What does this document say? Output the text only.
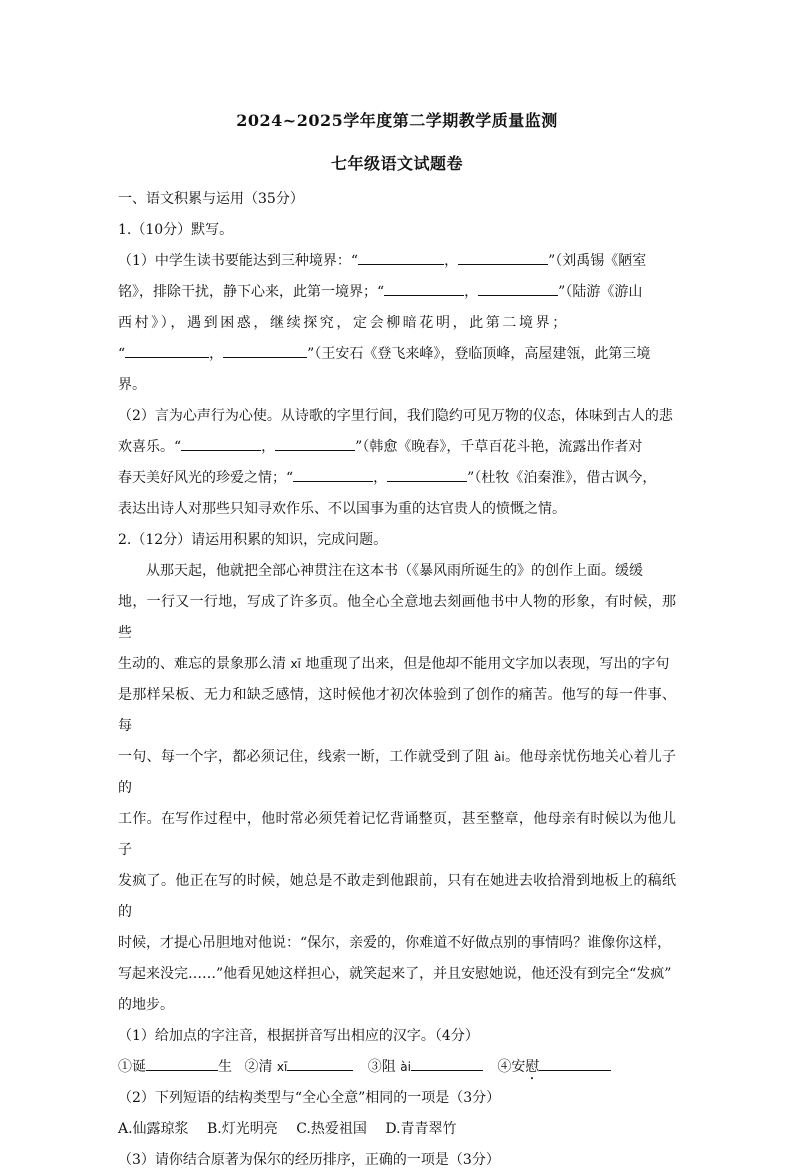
2024~2025学年度第二学期教学质量监测
七年级语文试题卷
一、语文积累与运用（35分）
1.（10分）默写。
（1）中学生读书要能达到三种境界：“	，	”（刘禹锡《陋室
铭》，排除干扰，静下心来，此第一境界；“	，	”（陆游《游山
西村》），遇到困惑，继续探究，定会柳暗花明，此第二境界；
“	，	”（王安石《登飞来峰》，登临顶峰，高屋建瓴，此第三境
界。
（2）言为心声行为心使。从诗歌的字里行间，我们隐约可见万物的仪态，体味到古人的悲
欢喜乐。“	，	”（韩愈《晚春》，千草百花斗艳，流露出作者对
春天美好风光的珍爱之情；“	，	”（杜牧《泊秦淮》，借古讽今，
表达出诗人对那些只知寻欢作乐、不以国事为重的达官贵人的愤慨之情。
2.（12分）请运用积累的知识，完成问题。
从那天起，他就把全部心神贯注在这本书（《暴风雨所诞生的》的创作上面。缓缓
地，一行又一行地，写成了许多页。他全心全意地去刻画他书中人物的形象，有时候，那些
生动的、难忘的景象那么清 xī 地重现了出来，但是他却不能用文字加以表现，写出的字句
是那样呆板、无力和缺乏感情，这时候他才初次体验到了创作的痛苦。他写的每一件事、每
一句、每一个字，都必须记住，线索一断，工作就受到了阻 ài。他母亲忧伤地关心着儿子的
工作。在写作过程中，他时常必须凭着记忆背诵整页，甚至整章，他母亲有时候以为他儿子
发疯了。他正在写的时候，她总是不敢走到他跟前，只有在她进去收拾滑到地板上的稿纸的
时候，才提心吊胆地对他说：“保尔，亲爱的，你难道不好做点别的事情吗？谁像你这样，
写起来没完……”他看见她这样担心，就笑起来了，并且安慰她说，他还没有到完全“发疯”
的地步。
（1）给加点的字注音，根据拼音写出相应的汉字。（4分）
①诞	生 ②清 xī	③阻 ài	④安慰
（2）下列短语的结构类型与“全心全意”相同的一项是（3分）
A.仙露琼浆 B.灯光明亮 C.热爱祖国 D.青青翠竹
（3）请你结合原著为保尔的经历排序，正确的一项是（3分）
